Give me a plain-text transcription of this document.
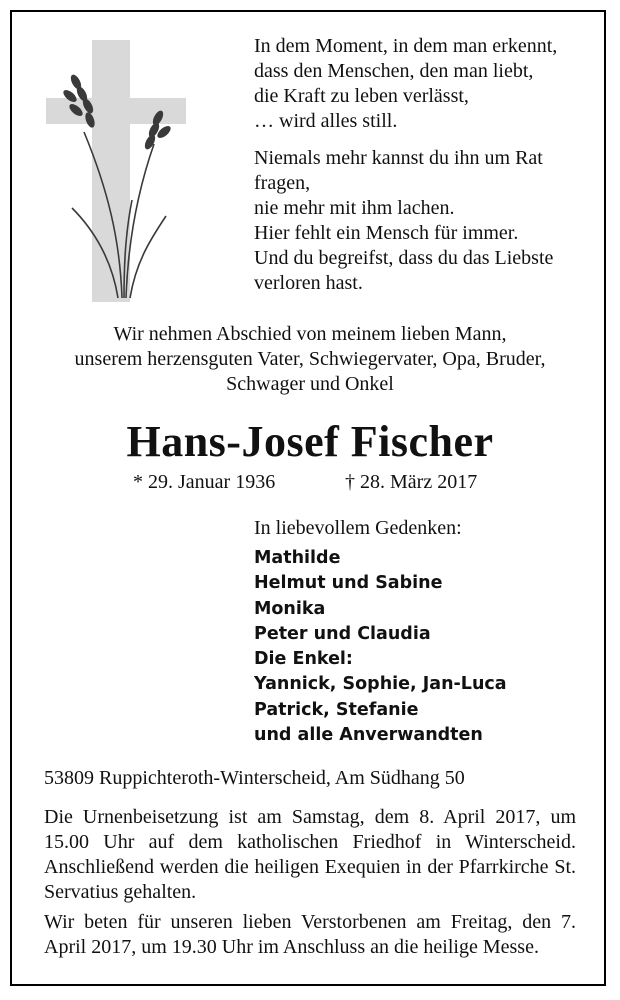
In dem Moment, in dem man erkennt,
dass den Menschen, den man liebt,
die Kraft zu leben verlässt,
… wird alles still.
Niemals mehr kannst du ihn um Rat
fragen,
nie mehr mit ihm lachen.
Hier fehlt ein Mensch für immer.
Und du begreifst, dass du das Liebste
verloren hast.
Wir nehmen Abschied von meinem lieben Mann,
unserem herzensguten Vater, Schwiegervater, Opa, Bruder,
Schwager und Onkel
Hans-Josef Fischer
* 29. Januar 1936	† 28. März 2017
In liebevollem Gedenken:
Mathilde
Helmut und Sabine
Monika
Peter und Claudia
Die Enkel:
Yannick, Sophie, Jan-Luca
Patrick, Stefanie
und alle Anverwandten
53809 Ruppichteroth-Winterscheid, Am Südhang 50
Die Urnenbeisetzung ist am Samstag, dem 8. April 2017, um 15.00 Uhr auf dem katholischen Friedhof in Winterscheid. Anschließend werden die heiligen Exequien in der Pfarrkirche St. Servatius gehalten.
Wir beten für unseren lieben Verstorbenen am Freitag, den 7. April 2017, um 19.30 Uhr im Anschluss an die heilige Messe.
